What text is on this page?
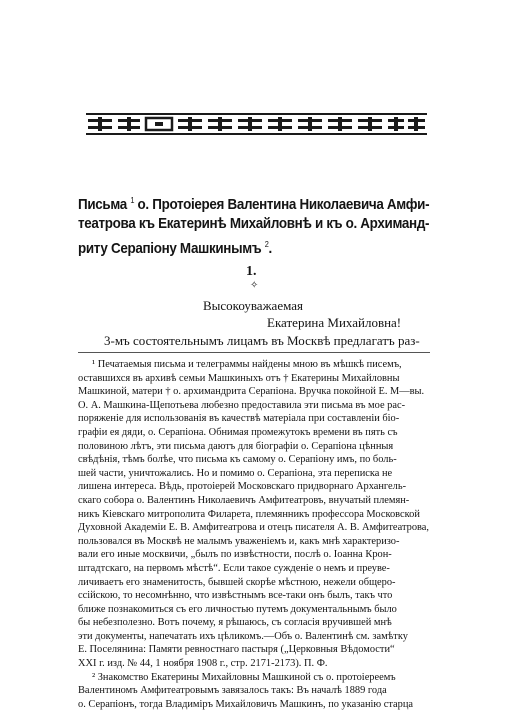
Письма $^1$ о. Протоiерея Валентина Николаевича Амфи-
театрова къ Екатеринѣ Михайловнѣ и къ о. Архиманд-
риту Серапiону Машкинымъ $^2$.
1.
✧
Высокоуважаемая
Екатерина Михайловна!
3-мъ состоятельнымъ лицамъ въ Москвѣ предлагатъ раз-
¹ Печатаемыя письма и телеграммы найдены мною въ мѣшкѣ писемъ,
оставшихся въ архивѣ семьи Машкиныхъ отъ † Екатерины Михайловны
Машкиной, матери † о. архимандрита Серапiона. Вручка покойной Е. М—вы.
О. А. Машкина-Щепотьева любезно предоставила эти письма въ мое рас-
поряженiе для использованiя въ качествѣ матерiала при составленiи бiо-
графiи ея дяди, о. Серапiона. Обнимая промежутокъ времени въ пять съ
половиною лѣтъ, эти письма даютъ для бiографiи о. Серапiона цѣнныя
свѣдѣнiя, тѣмъ болѣе, что письма къ самому о. Серапiону имъ, по боль-
шей части, уничтожались. Но и помимо о. Серапiона, эта переписка не
лишена интереса. Вѣдь, протоiерей Московскаго придворнаго Архангель-
скаго собора о. Валентинъ Николаевичъ Амфитеатровъ, внучатый племян-
никъ Кiевскаго митрополита Филарета, племянникъ профессора Московской
Духовной Академiи Е. В. Амфитеатрова и отецъ писателя А. В. Амфитеатрова,
пользовался въ Москвѣ не малымъ уваженiемъ и, какъ мнѣ характеризо-
вали его иные москвичи, „былъ по извѣстности, послѣ о. Iоанна Крон-
штадтскаго, на первомъ мѣстѣ“. Если такое сужденiе о немъ и преуве-
личиваетъ его знаменитость, бывшей скорѣе мѣстною, нежели общеро-
ссiйскою, то несомнѣнно, что извѣстнымъ все-таки онъ былъ, такъ что
ближе познакомиться съ его личностью путемъ документальнымъ было
бы небезполезно. Вотъ почему, я рѣшаюсь, съ согласiя вручившей мнѣ
эти документы, напечатать ихъ цѣликомъ.—Объ о. Валентинѣ см. замѣтку
Е. Поселянина: Памяти ревностнаго пастыря („Церковныя Вѣдомости“
XXI г. изд. № 44, 1 ноября 1908 г., стр. 2171-2173). П. Ф.
² Знакомство Екатерины Михайловны Машкиной съ о. протоiереемъ
Валентиномъ Амфитеатровымъ завязалось такъ: Въ началѣ 1889 года
о. Серапiонъ, тогда Владимiръ Михайловичъ Машкинъ, по указанiю старца
